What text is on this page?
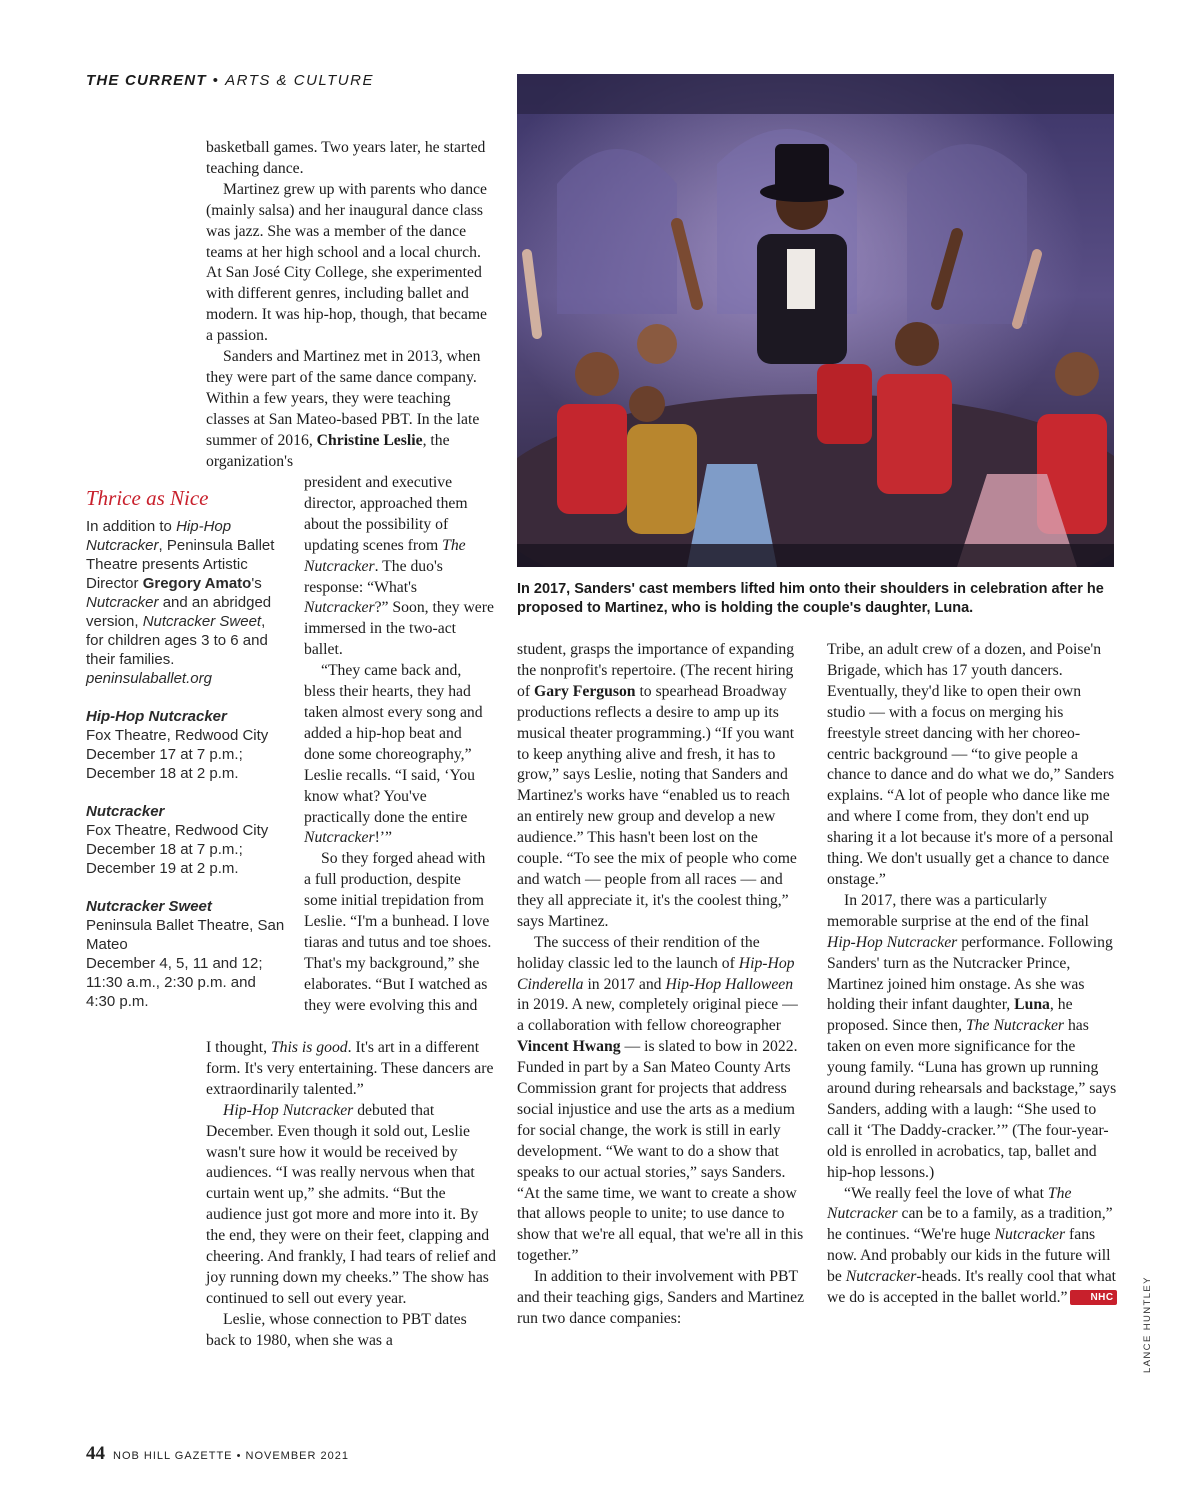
THE CURRENT • ARTS & CULTURE

basketball games. Two years later, he started teaching dance.

Martinez grew up with parents who dance (mainly salsa) and her inaugural dance class was jazz. She was a member of the dance teams at her high school and a local church. At San José City College, she experimented with different genres, including ballet and modern. It was hip-hop, though, that became a passion.

Sanders and Martinez met in 2013, when they were part of the same dance company. Within a few years, they were teaching classes at San Mateo-based PBT. In the late summer of 2016, Christine Leslie, the organization's

president and executive director, approached them about the possibility of updating scenes from The Nutcracker. The duo's response: “What's Nutcracker?” Soon, they were immersed in the two-act ballet.

“They came back and, bless their hearts, they had taken almost every song and added a hip-hop beat and done some choreography,” Leslie recalls. “I said, ‘You know what? You've practically done the entire Nutcracker!’”

So they forged ahead with a full production, despite some initial trepidation from Leslie. “I'm a bunhead. I love tiaras and tutus and toe shoes. That's my background,” she elaborates. “But I watched as they were evolving this and

I thought, This is good. It's art in a different form. It's very entertaining. These dancers are extraordinarily talented.”

Hip-Hop Nutcracker debuted that December. Even though it sold out, Leslie wasn't sure how it would be received by audiences. “I was really nervous when that curtain went up,” she admits. “But the audience just got more and more into it. By the end, they were on their feet, clapping and cheering. And frankly, I had tears of relief and joy running down my cheeks.” The show has continued to sell out every year.

Leslie, whose connection to PBT dates back to 1980, when she was a

Thrice as Nice
In addition to Hip-Hop Nutcracker, Peninsula Ballet Theatre presents Artistic Director Gregory Amato's Nutcracker and an abridged version, Nutcracker Sweet, for children ages 3 to 6 and their families.
peninsulaballet.org
Hip-Hop Nutcracker
Fox Theatre, Redwood City
December 17 at 7 p.m.; December 18 at 2 p.m.
Nutcracker
Fox Theatre, Redwood City
December 18 at 7 p.m.; December 19 at 2 p.m.
Nutcracker Sweet
Peninsula Ballet Theatre, San Mateo
December 4, 5, 11 and 12; 11:30 a.m., 2:30 p.m. and 4:30 p.m.
In 2017, Sanders' cast members lifted him onto their shoulders in celebration after he proposed to Martinez, who is holding the couple's daughter, Luna.

student, grasps the importance of expanding the nonprofit's repertoire. (The recent hiring of Gary Ferguson to spearhead Broadway productions reflects a desire to amp up its musical theater programming.) “If you want to keep anything alive and fresh, it has to grow,” says Leslie, noting that Sanders and Martinez's works have “enabled us to reach an entirely new group and develop a new audience.” This hasn't been lost on the couple. “To see the mix of people who come and watch — people from all races — and they all appreciate it, it's the coolest thing,” says Martinez.

The success of their rendition of the holiday classic led to the launch of Hip-Hop Cinderella in 2017 and Hip-Hop Halloween in 2019. A new, completely original piece — a collaboration with fellow choreographer Vincent Hwang — is slated to bow in 2022. Funded in part by a San Mateo County Arts Commission grant for projects that address social injustice and use the arts as a medium for social change, the work is still in early development. “We want to do a show that speaks to our actual stories,” says Sanders. “At the same time, we want to create a show that allows people to unite; to use dance to show that we're all equal, that we're all in this together.”

In addition to their involvement with PBT and their teaching gigs, Sanders and Martinez run two dance companies:

Tribe, an adult crew of a dozen, and Poise'n Brigade, which has 17 youth dancers. Eventually, they'd like to open their own studio — with a focus on merging his freestyle street dancing with her choreo-centric background — “to give people a chance to dance and do what we do,” Sanders explains. “A lot of people who dance like me and where I come from, they don't end up sharing it a lot because it's more of a personal thing. We don't usually get a chance to dance onstage.”

In 2017, there was a particularly memorable surprise at the end of the final Hip-Hop Nutcracker performance. Following Sanders' turn as the Nutcracker Prince, Martinez joined him onstage. As she was holding their infant daughter, Luna, he proposed. Since then, The Nutcracker has taken on even more significance for the young family. “Luna has grown up running around during rehearsals and backstage,” says Sanders, adding with a laugh: “She used to call it ‘The Daddy-cracker.’” (The four-year-old is enrolled in acrobatics, tap, ballet and hip-hop lessons.)

“We really feel the love of what The Nutcracker can be to a family, as a tradition,” he continues. “We're huge Nutcracker fans now. And probably our kids in the future will be Nutcracker-heads. It's really cool that what we do is accepted in the ballet world.” NHC	LANCE HUNTLEY
44 NOB HILL GAZETTE • NOVEMBER 2021
